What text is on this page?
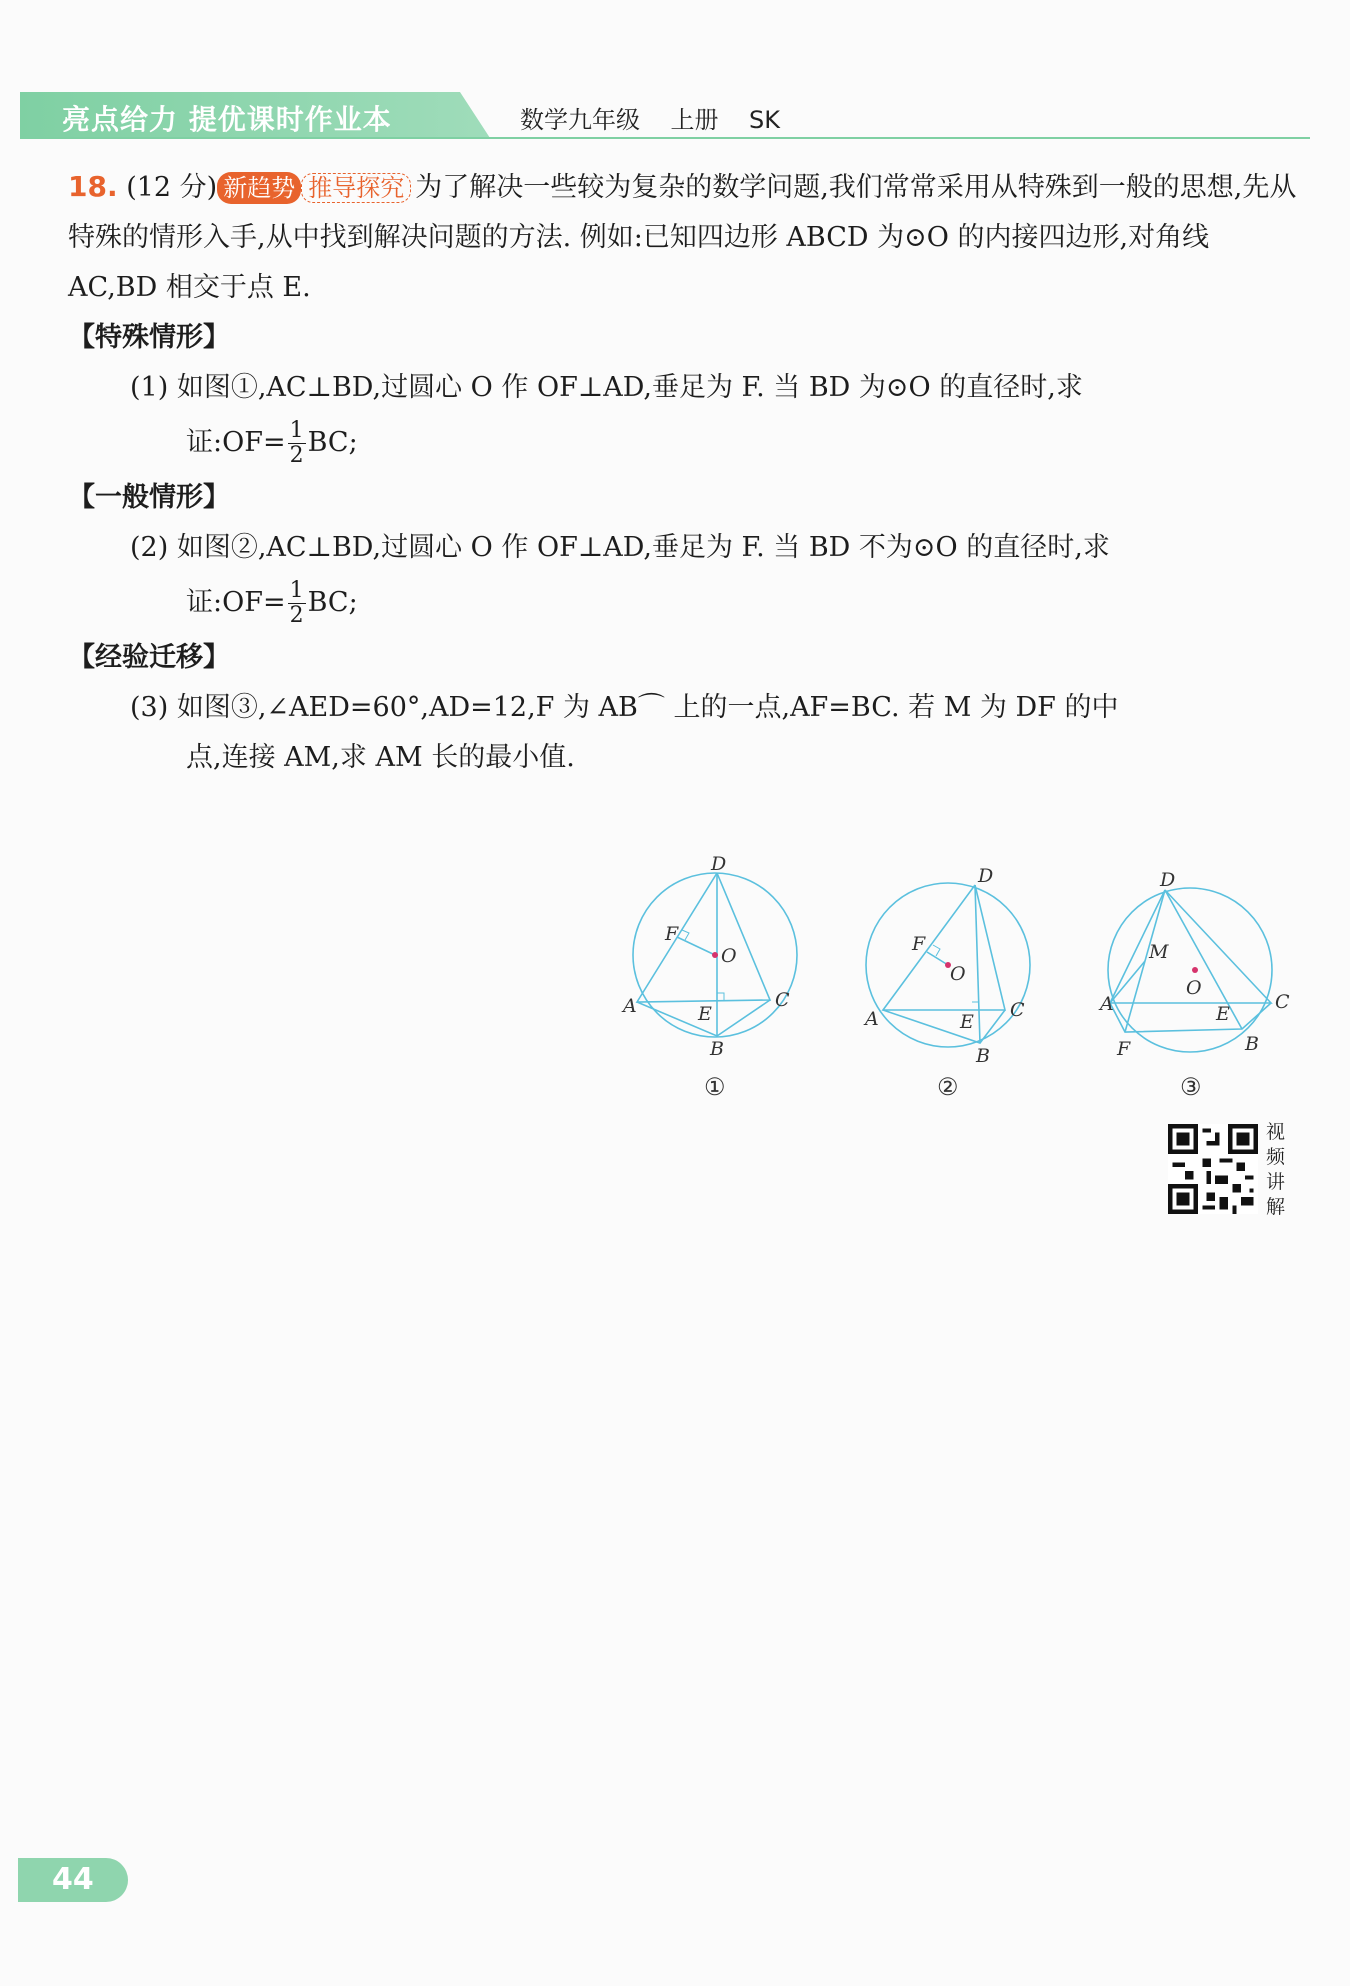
亮点给力 提优课时作业本	数学九年级 上册 SK

18. (12 分) 新趋势 推导探究 为了解决一些较为复杂的数学问题,我们常常采用从特殊到一般的思想,先从特殊的情形入手,从中找到解决问题的方法. 例如:已知四边形 ABCD 为⊙O 的内接四边形,对角线 AC,BD 相交于点 E.

【特殊情形】

(1) 如图①,AC⊥BD,过圆心 O 作 OF⊥AD,垂足为 F. 当 BD 为⊙O 的直径时,求

证:OF= $\frac{1}{2}$ BC;

【一般情形】

(2) 如图②,AC⊥BD,过圆心 O 作 OF⊥AD,垂足为 F. 当 BD 不为⊙O 的直径时,求

证:OF= $\frac{1}{2}$ BC;

【经验迁移】

(3) 如图③,∠AED=60°,AD=12,F 为 AB⌒ 上的一点,AF=BC. 若 M 为 DF 的中

点,连接 AM,求 AM 长的最小值.

D
F
O
A	E
C
B
①
D
F
O
A	E
C
B
②
D
M
O
A	E
C
F	B
③
视频讲解
44
